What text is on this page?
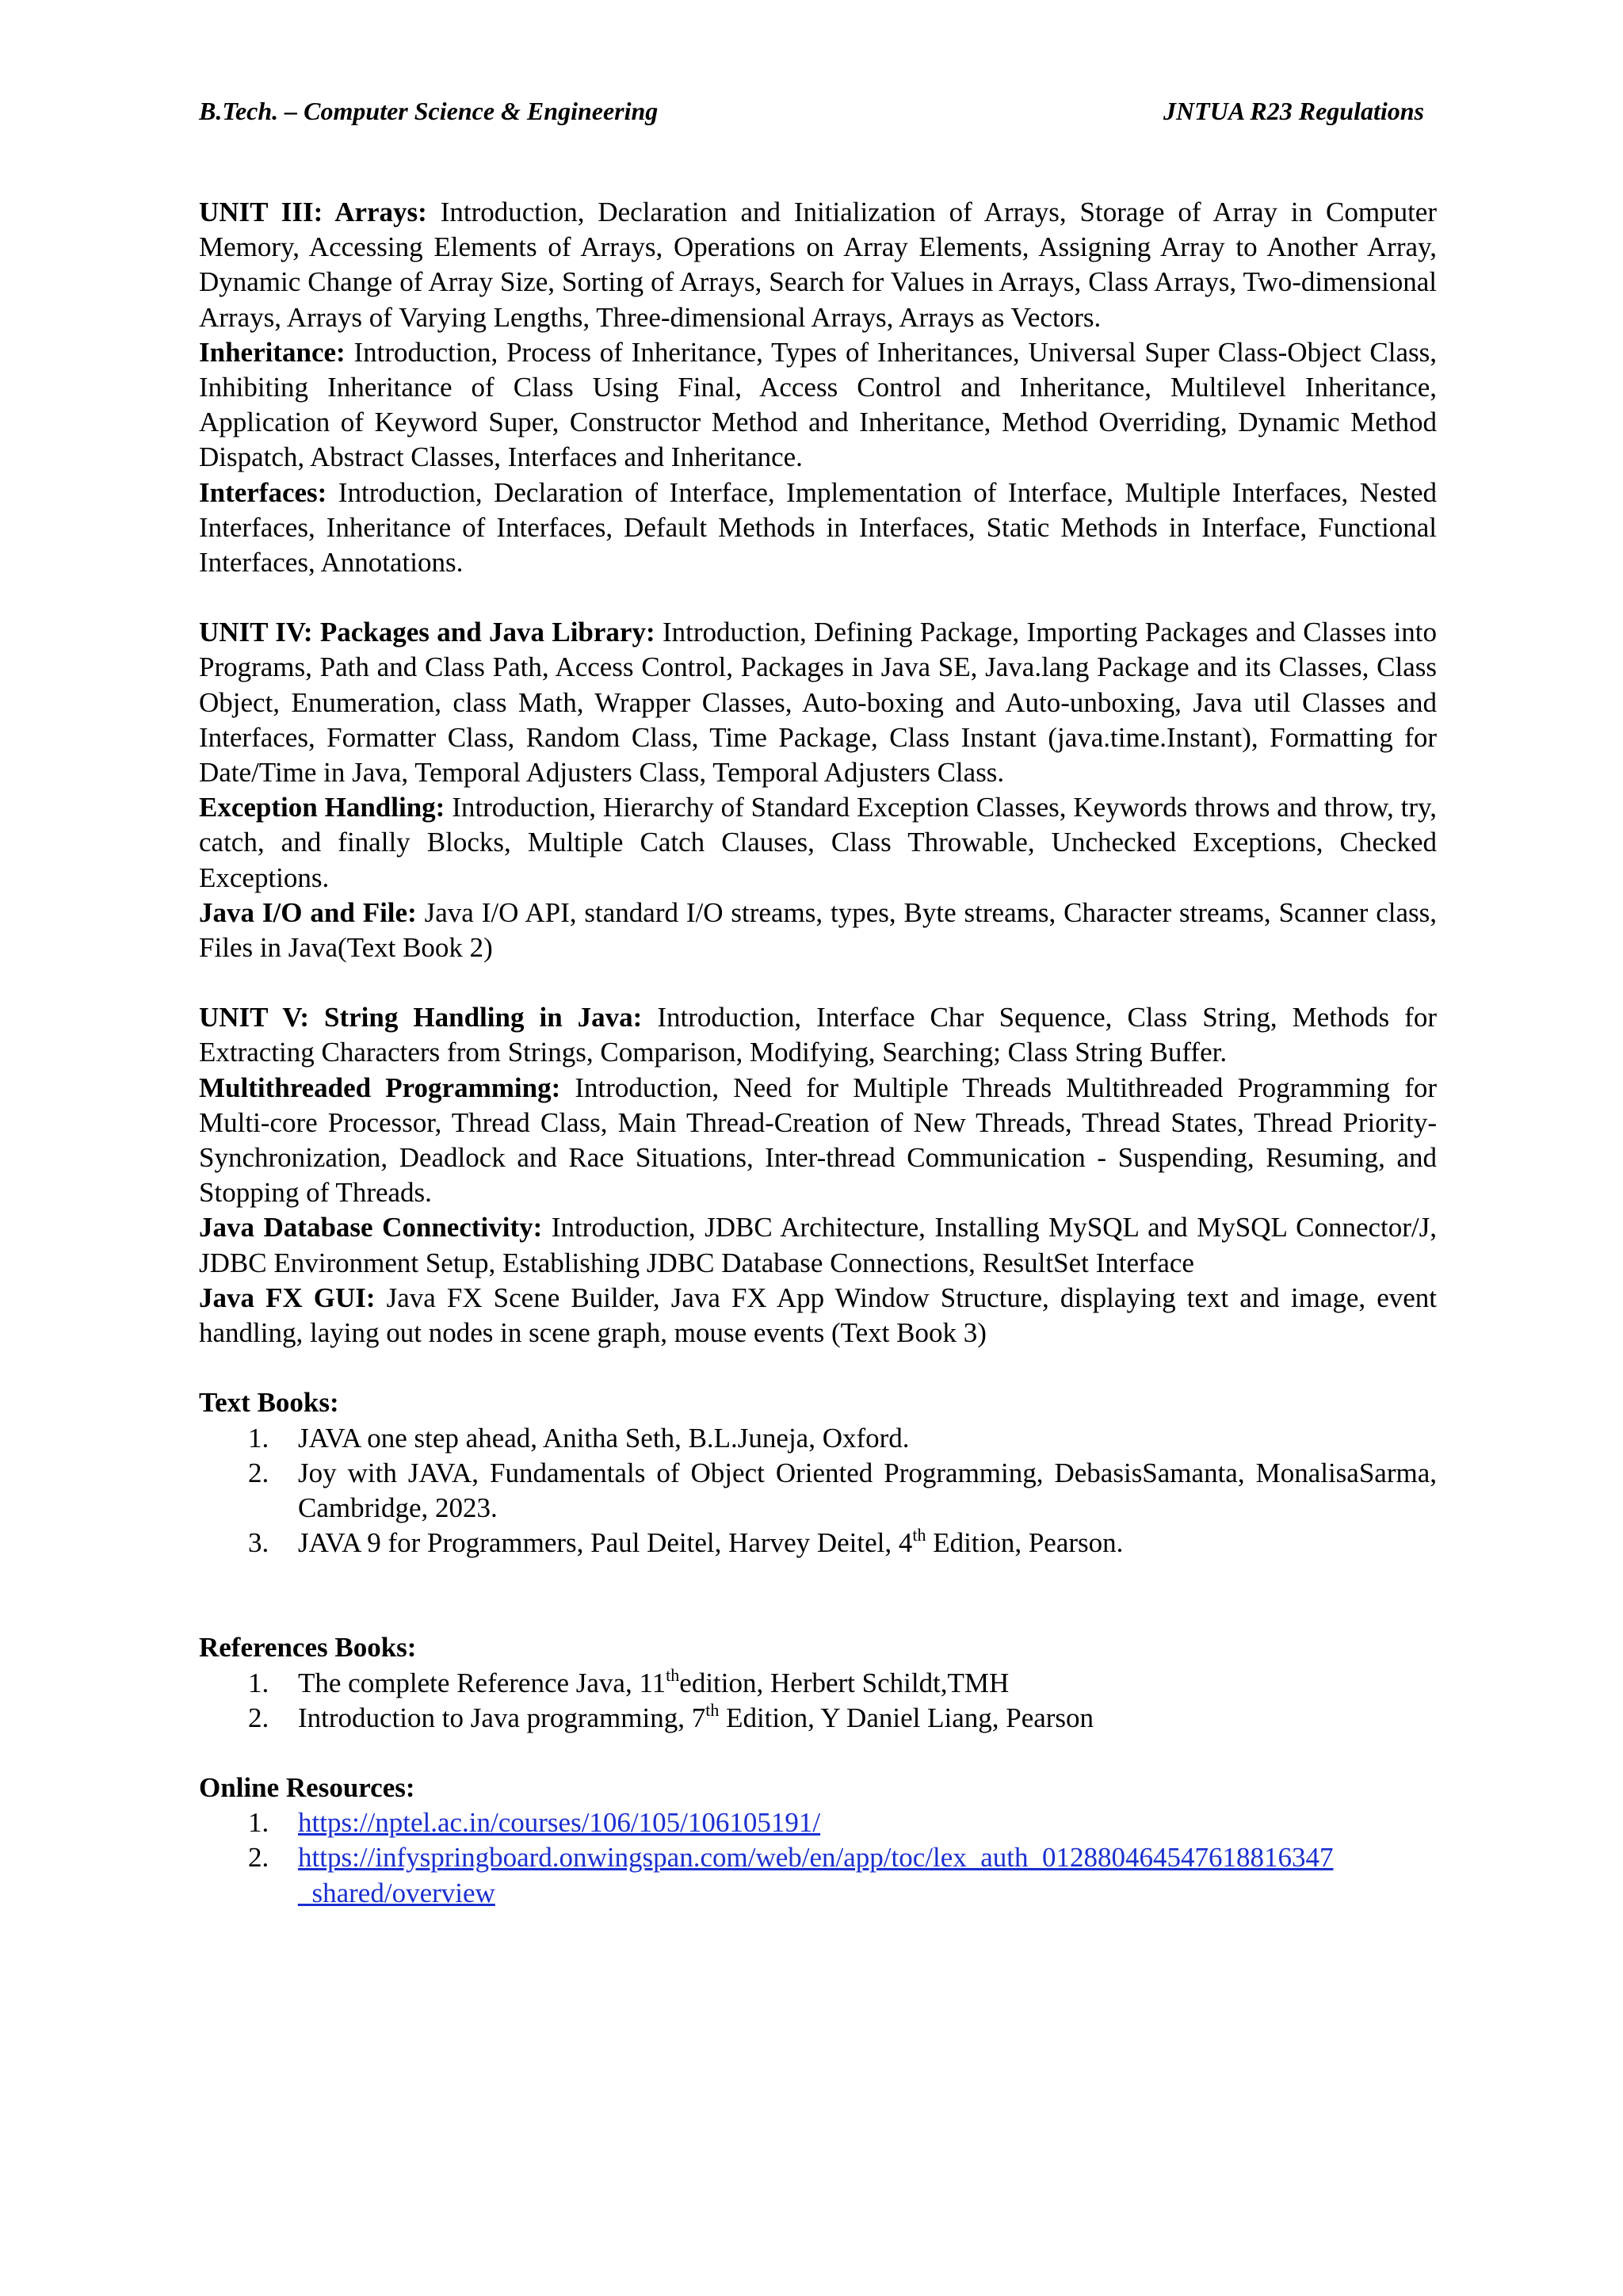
B.Tech. – Computer Science & Engineering	JNTUA R23 Regulations

UNIT III: Arrays: Introduction, Declaration and Initialization of Arrays, Storage of Array in Computer Memory, Accessing Elements of Arrays, Operations on Array Elements, Assigning Array to Another Array, Dynamic Change of Array Size, Sorting of Arrays, Search for Values in Arrays, Class Arrays, Two-dimensional Arrays, Arrays of Varying Lengths, Three-dimensional Arrays, Arrays as Vectors.

Inheritance: Introduction, Process of Inheritance, Types of Inheritances, Universal Super Class-Object Class, Inhibiting Inheritance of Class Using Final, Access Control and Inheritance, Multilevel Inheritance, Application of Keyword Super, Constructor Method and Inheritance, Method Overriding, Dynamic Method Dispatch, Abstract Classes, Interfaces and Inheritance.

Interfaces: Introduction, Declaration of Interface, Implementation of Interface, Multiple Interfaces, Nested Interfaces, Inheritance of Interfaces, Default Methods in Interfaces, Static Methods in Interface, Functional Interfaces, Annotations.

UNIT IV: Packages and Java Library: Introduction, Defining Package, Importing Packages and Classes into Programs, Path and Class Path, Access Control, Packages in Java SE, Java.lang Package and its Classes, Class Object, Enumeration, class Math, Wrapper Classes, Auto-boxing and Auto-unboxing, Java util Classes and Interfaces, Formatter Class, Random Class, Time Package, Class Instant (java.time.Instant), Formatting for Date/Time in Java, Temporal Adjusters Class, Temporal Adjusters Class.

Exception Handling: Introduction, Hierarchy of Standard Exception Classes, Keywords throws and throw, try, catch, and finally Blocks, Multiple Catch Clauses, Class Throwable, Unchecked Exceptions, Checked Exceptions.

Java I/O and File: Java I/O API, standard I/O streams, types, Byte streams, Character streams, Scanner class, Files in Java(Text Book 2)

UNIT V: String Handling in Java: Introduction, Interface Char Sequence, Class String, Methods for Extracting Characters from Strings, Comparison, Modifying, Searching; Class String Buffer.

Multithreaded Programming: Introduction, Need for Multiple Threads Multithreaded Programming for Multi-core Processor, Thread Class, Main Thread-Creation of New Threads, Thread States, Thread Priority-Synchronization, Deadlock and Race Situations, Inter-thread Communication - Suspending, Resuming, and Stopping of Threads.

Java Database Connectivity: Introduction, JDBC Architecture, Installing MySQL and MySQL Connector/J, JDBC Environment Setup, Establishing JDBC Database Connections, ResultSet Interface

Java FX GUI: Java FX Scene Builder, Java FX App Window Structure, displaying text and image, event handling, laying out nodes in scene graph, mouse events (Text Book 3)

Text Books:

1. JAVA one step ahead, Anitha Seth, B.L.Juneja, Oxford.
2. Joy with JAVA, Fundamentals of Object Oriented Programming, DebasisSamanta, MonalisaSarma, Cambridge, 2023.
3. JAVA 9 for Programmers, Paul Deitel, Harvey Deitel, 4th Edition, Pearson.

References Books:

1. The complete Reference Java, 11thedition, Herbert Schildt,TMH
2. Introduction to Java programming, 7th Edition, Y Daniel Liang, Pearson

Online Resources:

1. https://nptel.ac.in/courses/106/105/106105191/
2. https://infyspringboard.onwingspan.com/web/en/app/toc/lex_auth_012880464547618816347
_shared/overview
